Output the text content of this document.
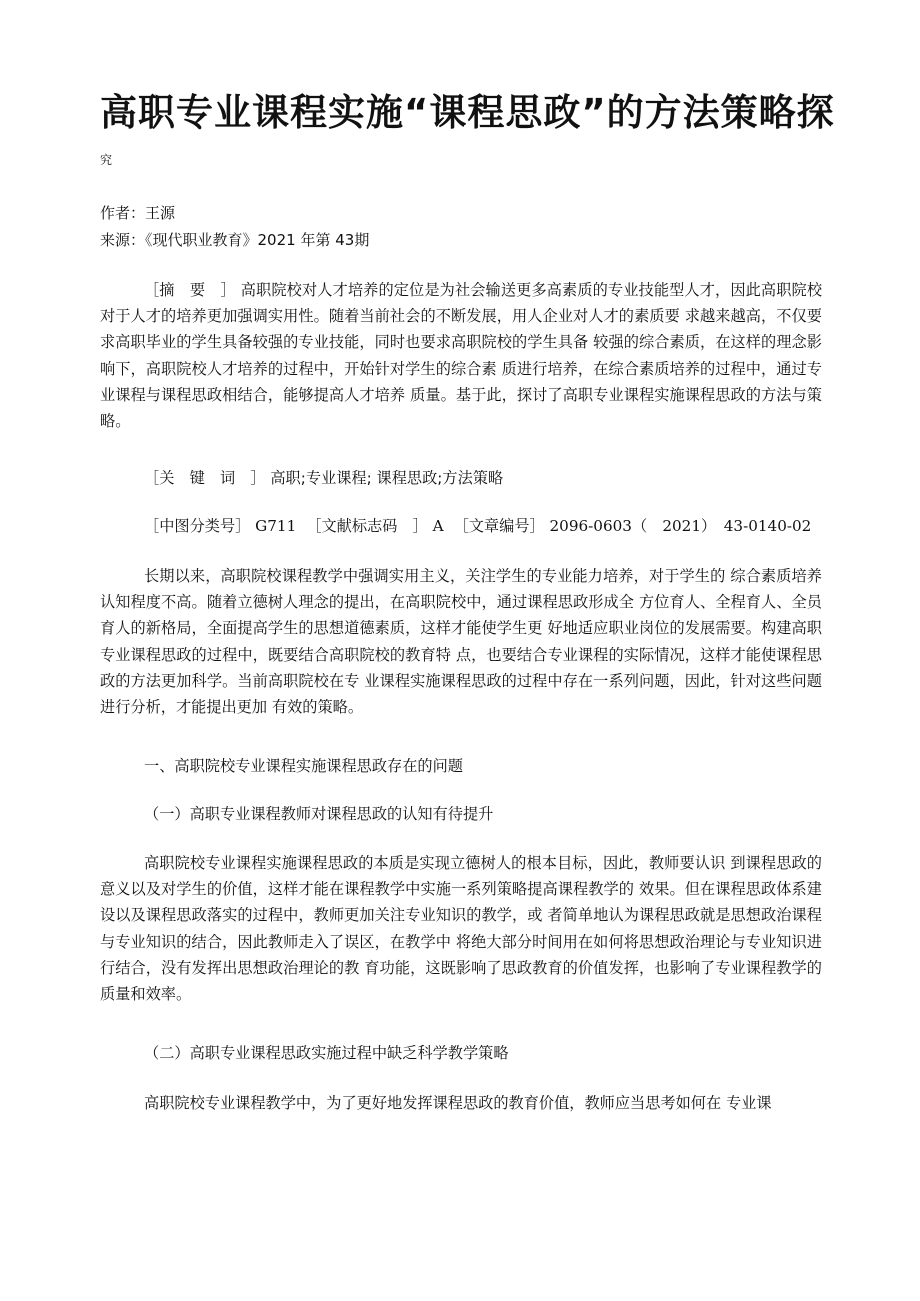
高职专业课程实施“课程思政”的方法策略探
究
作者：王源
来源：《现代职业教育》2021 年第 43期

［摘　要　］ 高职院校对人才培养的定位是为社会输送更多高素质的专业技能型人才，因此高职院校对于人才的培养更加强调实用性。随着当前社会的不断发展，用人企业对人才的素质要 求越来越高，不仅要求高职毕业的学生具备较强的专业技能，同时也要求高职院校的学生具备 较强的综合素质，在这样的理念影响下，高职院校人才培养的过程中，开始针对学生的综合素 质进行培养，在综合素质培养的过程中，通过专业课程与课程思政相结合，能够提高人才培养 质量。基于此，探讨了高职专业课程实施课程思政的方法与策略。

［关　键　词　］ 高职;专业课程; 课程思政;方法策略
［中图分类号］ G711 ［文献标志码　］ A ［文章编号］ 2096-0603（　2021）　43-0140-02

长期以来，高职院校课程教学中强调实用主义，关注学生的专业能力培养，对于学生的 综合素质培养认知程度不高。随着立德树人理念的提出，在高职院校中，通过课程思政形成全 方位育人、全程育人、全员育人的新格局，全面提高学生的思想道德素质，这样才能使学生更 好地适应职业岗位的发展需要。构建高职专业课程思政的过程中，既要结合高职院校的教育特 点，也要结合专业课程的实际情况，这样才能使课程思政的方法更加科学。当前高职院校在专 业课程实施课程思政的过程中存在一系列问题，因此，针对这些问题进行分析，才能提出更加 有效的策略。

一、高职院校专业课程实施课程思政存在的问题
（一）高职专业课程教师对课程思政的认知有待提升

高职院校专业课程实施课程思政的本质是实现立德树人的根本目标，因此，教师要认识 到课程思政的意义以及对学生的价值，这样才能在课程教学中实施一系列策略提高课程教学的 效果。但在课程思政体系建设以及课程思政落实的过程中，教师更加关注专业知识的教学，或 者简单地认为课程思政就是思想政治课程与专业知识的结合，因此教师走入了误区，在教学中 将绝大部分时间用在如何将思想政治理论与专业知识进行结合，没有发挥出思想政治理论的教 育功能，这既影响了思政教育的价值发挥，也影响了专业课程教学的质量和效率。

（二）高职专业课程思政实施过程中缺乏科学教学策略

高职院校专业课程教学中，为了更好地发挥课程思政的教育价值，教师应当思考如何在 专业课
